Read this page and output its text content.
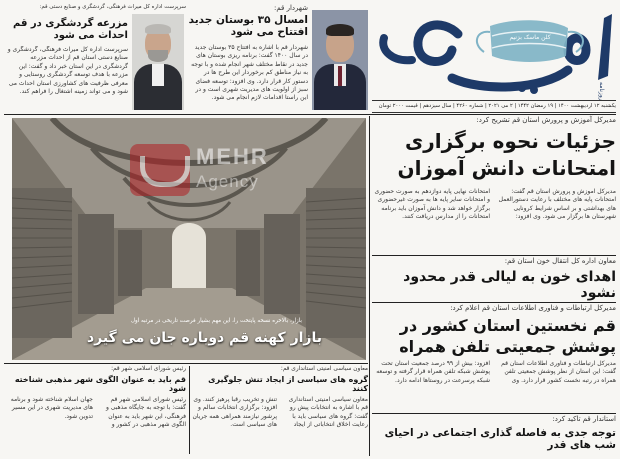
کلن ماسک بزنیم
روزنامه
یکشنبه ۱۲ اردیبهشت ۱۴۰۰ | ۱۹ رمضان ۱۴۴۲ | ۲ می ۲۰۲۱ | شماره ۴۲۶۰ | سال سیزدهم | قیمت ۲۰۰۰ تومان
شهردار قم:
امسال ۳۵ بوستان جدید افتتاح می شود
شهردار قم با اشاره به افتتاح ۳۵ بوستان جدید در سال ۱۴۰۰ گفت: برنامه ریزی بوستان های جدید در نقاط مختلف شهر انجام شده و با توجه به نیاز مناطق کم برخوردار این طرح ها در دستور کار قرار دارد. وی افزود: توسعه فضای سبز از اولویت های مدیریت شهری است و در این راستا اقدامات لازم انجام می شود.
سرپرست اداره کل میراث فرهنگی، گردشگری و صنایع دستی قم:
مزرعه گردشگری در قم احداث می شود
سرپرست اداره کل میراث فرهنگی، گردشگری و صنایع دستی استان قم از احداث مزرعه گردشگری در این استان خبر داد و گفت: این مزرعه با هدف توسعه گردشگری روستایی و معرفی ظرفیت های کشاورزی استان احداث می شود و می تواند زمینه اشتغال را فراهم کند.
مدیرکل آموزش و پرورش استان قم تشریح کرد:
جزئیات نحوه برگزاری امتحانات دانش آموزان
مدیرکل آموزش و پرورش استان قم گفت: امتحانات پایه های مختلف با رعایت دستورالعمل های بهداشتی و بر اساس شرایط کرونایی شهرستان ها برگزار می شود. وی افزود: امتحانات نهایی پایه دوازدهم به صورت حضوری و امتحانات سایر پایه ها به صورت غیرحضوری برگزار خواهد شد و دانش آموزان باید برنامه امتحانات را از مدارس دریافت کنند.
معاون اداره کل انتقال خون استان قم:
اهدای خون به لیالی قدر محدود نشود
مدیرکل ارتباطات و فناوری اطلاعات استان قم اعلام کرد:
قم نخستین استان کشور در پوشش جمعیتی تلفن همراه
مدیرکل ارتباطات و فناوری اطلاعات استان قم گفت: این استان از نظر پوشش جمعیتی تلفن همراه در رتبه نخست کشور قرار دارد. وی افزود: بیش از ۹۹ درصد جمعیت استان تحت پوشش شبکه تلفن همراه قرار گرفته و توسعه شبکه پرسرعت در روستاها ادامه دارد.
استاندار قم تاکید کرد:
توجه جدی به فاصله گذاری اجتماعی در احیای شب های قدر
MEHR
Agency
بازار، بالاخره نسخه پایتخت را، این مهم بشیار فرصت تاریخی در مرتبه اول
بازار کهنه قم دوباره جان می گیرد
معاون سیاسی امنیتی استانداری قم:
گروه های سیاسی از ایجاد تنش جلوگیری کنند
معاون سیاسی امنیتی استانداری قم با اشاره به انتخابات پیش رو گفت: گروه های سیاسی باید با رعایت اخلاق انتخاباتی از ایجاد تنش و تخریب رقبا پرهیز کنند. وی افزود: برگزاری انتخابات سالم و پرشور نیازمند همراهی همه جریان های سیاسی است.
رئیس شورای اسلامی شهر قم:
قم باید به عنوان الگوی شهر مذهبی شناخته شود
رئیس شورای اسلامی شهر قم گفت: با توجه به جایگاه مذهبی و فرهنگی، این شهر باید به عنوان الگوی شهر مذهبی در کشور و جهان اسلام شناخته شود و برنامه های مدیریت شهری در این مسیر تدوین شود.
